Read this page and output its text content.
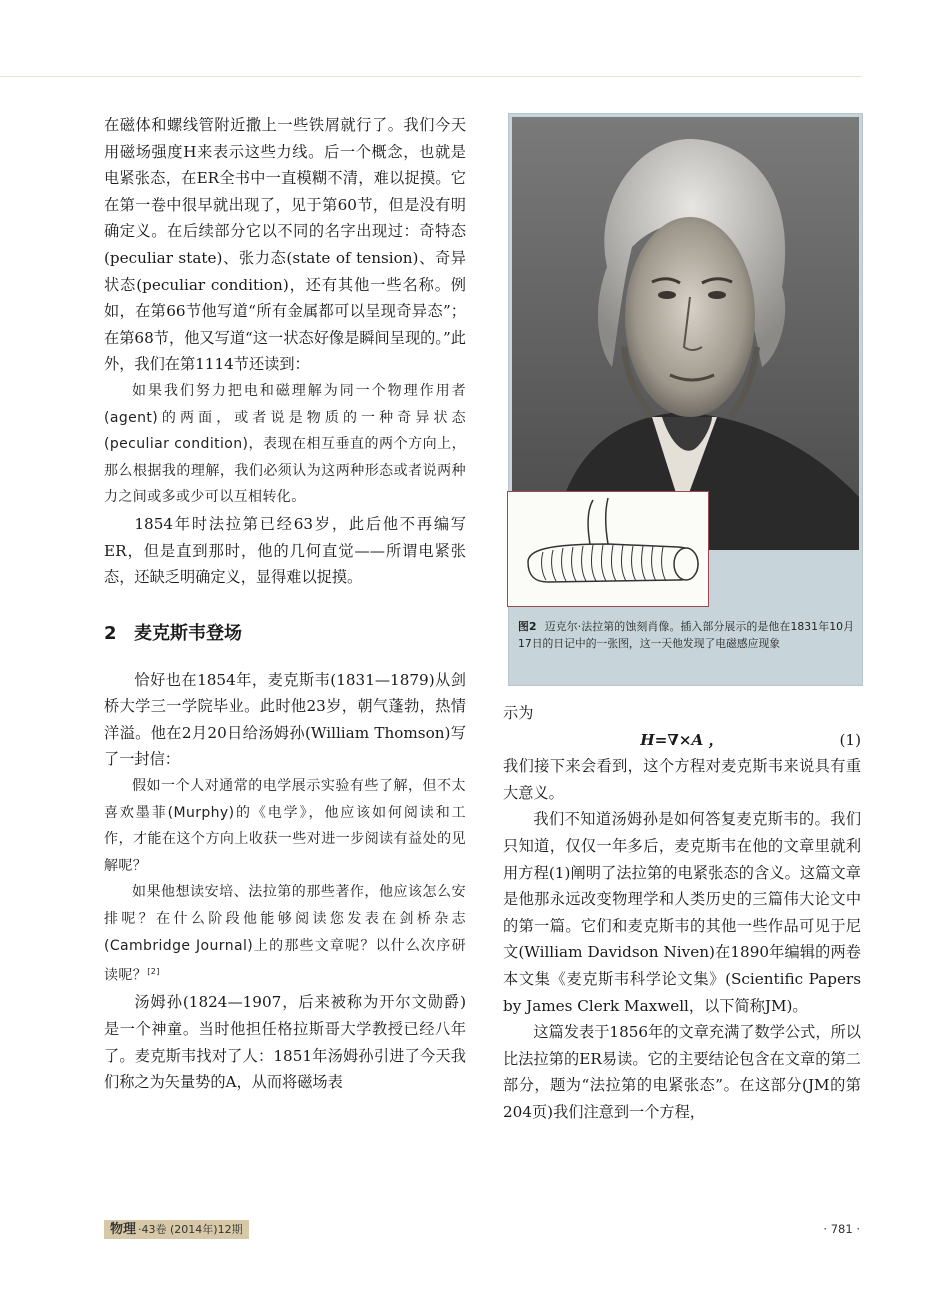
在磁体和螺线管附近撒上一些铁屑就行了。我们今天用磁场强度H来表示这些力线。后一个概念，也就是电紧张态，在ER全书中一直模糊不清，难以捉摸。它在第一卷中很早就出现了，见于第60节，但是没有明确定义。在后续部分它以不同的名字出现过：奇特态(peculiar state)、张力态(state of tension)、奇异状态(peculiar condition)，还有其他一些名称。例如，在第66节他写道“所有金属都可以呈现奇异态”；在第68节，他又写道“这一状态好像是瞬间呈现的。”此外，我们在第1114节还读到：

如果我们努力把电和磁理解为同一个物理作用者(agent)的两面，或者说是物质的一种奇异状态(peculiar condition)，表现在相互垂直的两个方向上，那么根据我的理解，我们必须认为这两种形态或者说两种力之间或多或少可以互相转化。

1854年时法拉第已经63岁，此后他不再编写ER，但是直到那时，他的几何直觉——所谓电紧张态，还缺乏明确定义，显得难以捉摸。

2 麦克斯韦登场

恰好也在1854年，麦克斯韦(1831—1879)从剑桥大学三一学院毕业。此时他23岁，朝气蓬勃，热情洋溢。他在2月20日给汤姆孙(William Thomson)写了一封信：

假如一个人对通常的电学展示实验有些了解，但不太喜欢墨菲(Murphy)的《电学》，他应该如何阅读和工作，才能在这个方向上收获一些对进一步阅读有益处的见解呢？

如果他想读安培、法拉第的那些著作，他应该怎么安排呢？在什么阶段他能够阅读您发表在剑桥杂志(Cambridge Journal)上的那些文章呢？以什么次序研读呢？[2]

汤姆孙(1824—1907，后来被称为开尔文勋爵)是一个神童。当时他担任格拉斯哥大学教授已经八年了。麦克斯韦找对了人：1851年汤姆孙引进了今天我们称之为矢量势的A，从而将磁场表

图2 迈克尔·法拉第的蚀刻肖像。插入部分展示的是他在1831年10月17日的日记中的一张图，这一天他发现了电磁感应现象

示为

H=∇×A ，	(1)

我们接下来会看到，这个方程对麦克斯韦来说具有重大意义。

我们不知道汤姆孙是如何答复麦克斯韦的。我们只知道，仅仅一年多后，麦克斯韦在他的文章里就利用方程(1)阐明了法拉第的电紧张态的含义。这篇文章是他那永远改变物理学和人类历史的三篇伟大论文中的第一篇。它们和麦克斯韦的其他一些作品可见于尼文(William Davidson Niven)在1890年编辑的两卷本文集《麦克斯韦科学论文集》(Scientific Papers by James Clerk Maxwell，以下简称JM)。

这篇发表于1856年的文章充满了数学公式，所以比法拉第的ER易读。它的主要结论包含在文章的第二部分，题为“法拉第的电紧张态”。在这部分(JM的第204页)我们注意到一个方程，

物理 ·43卷 (2014年)12期	· 781 ·
